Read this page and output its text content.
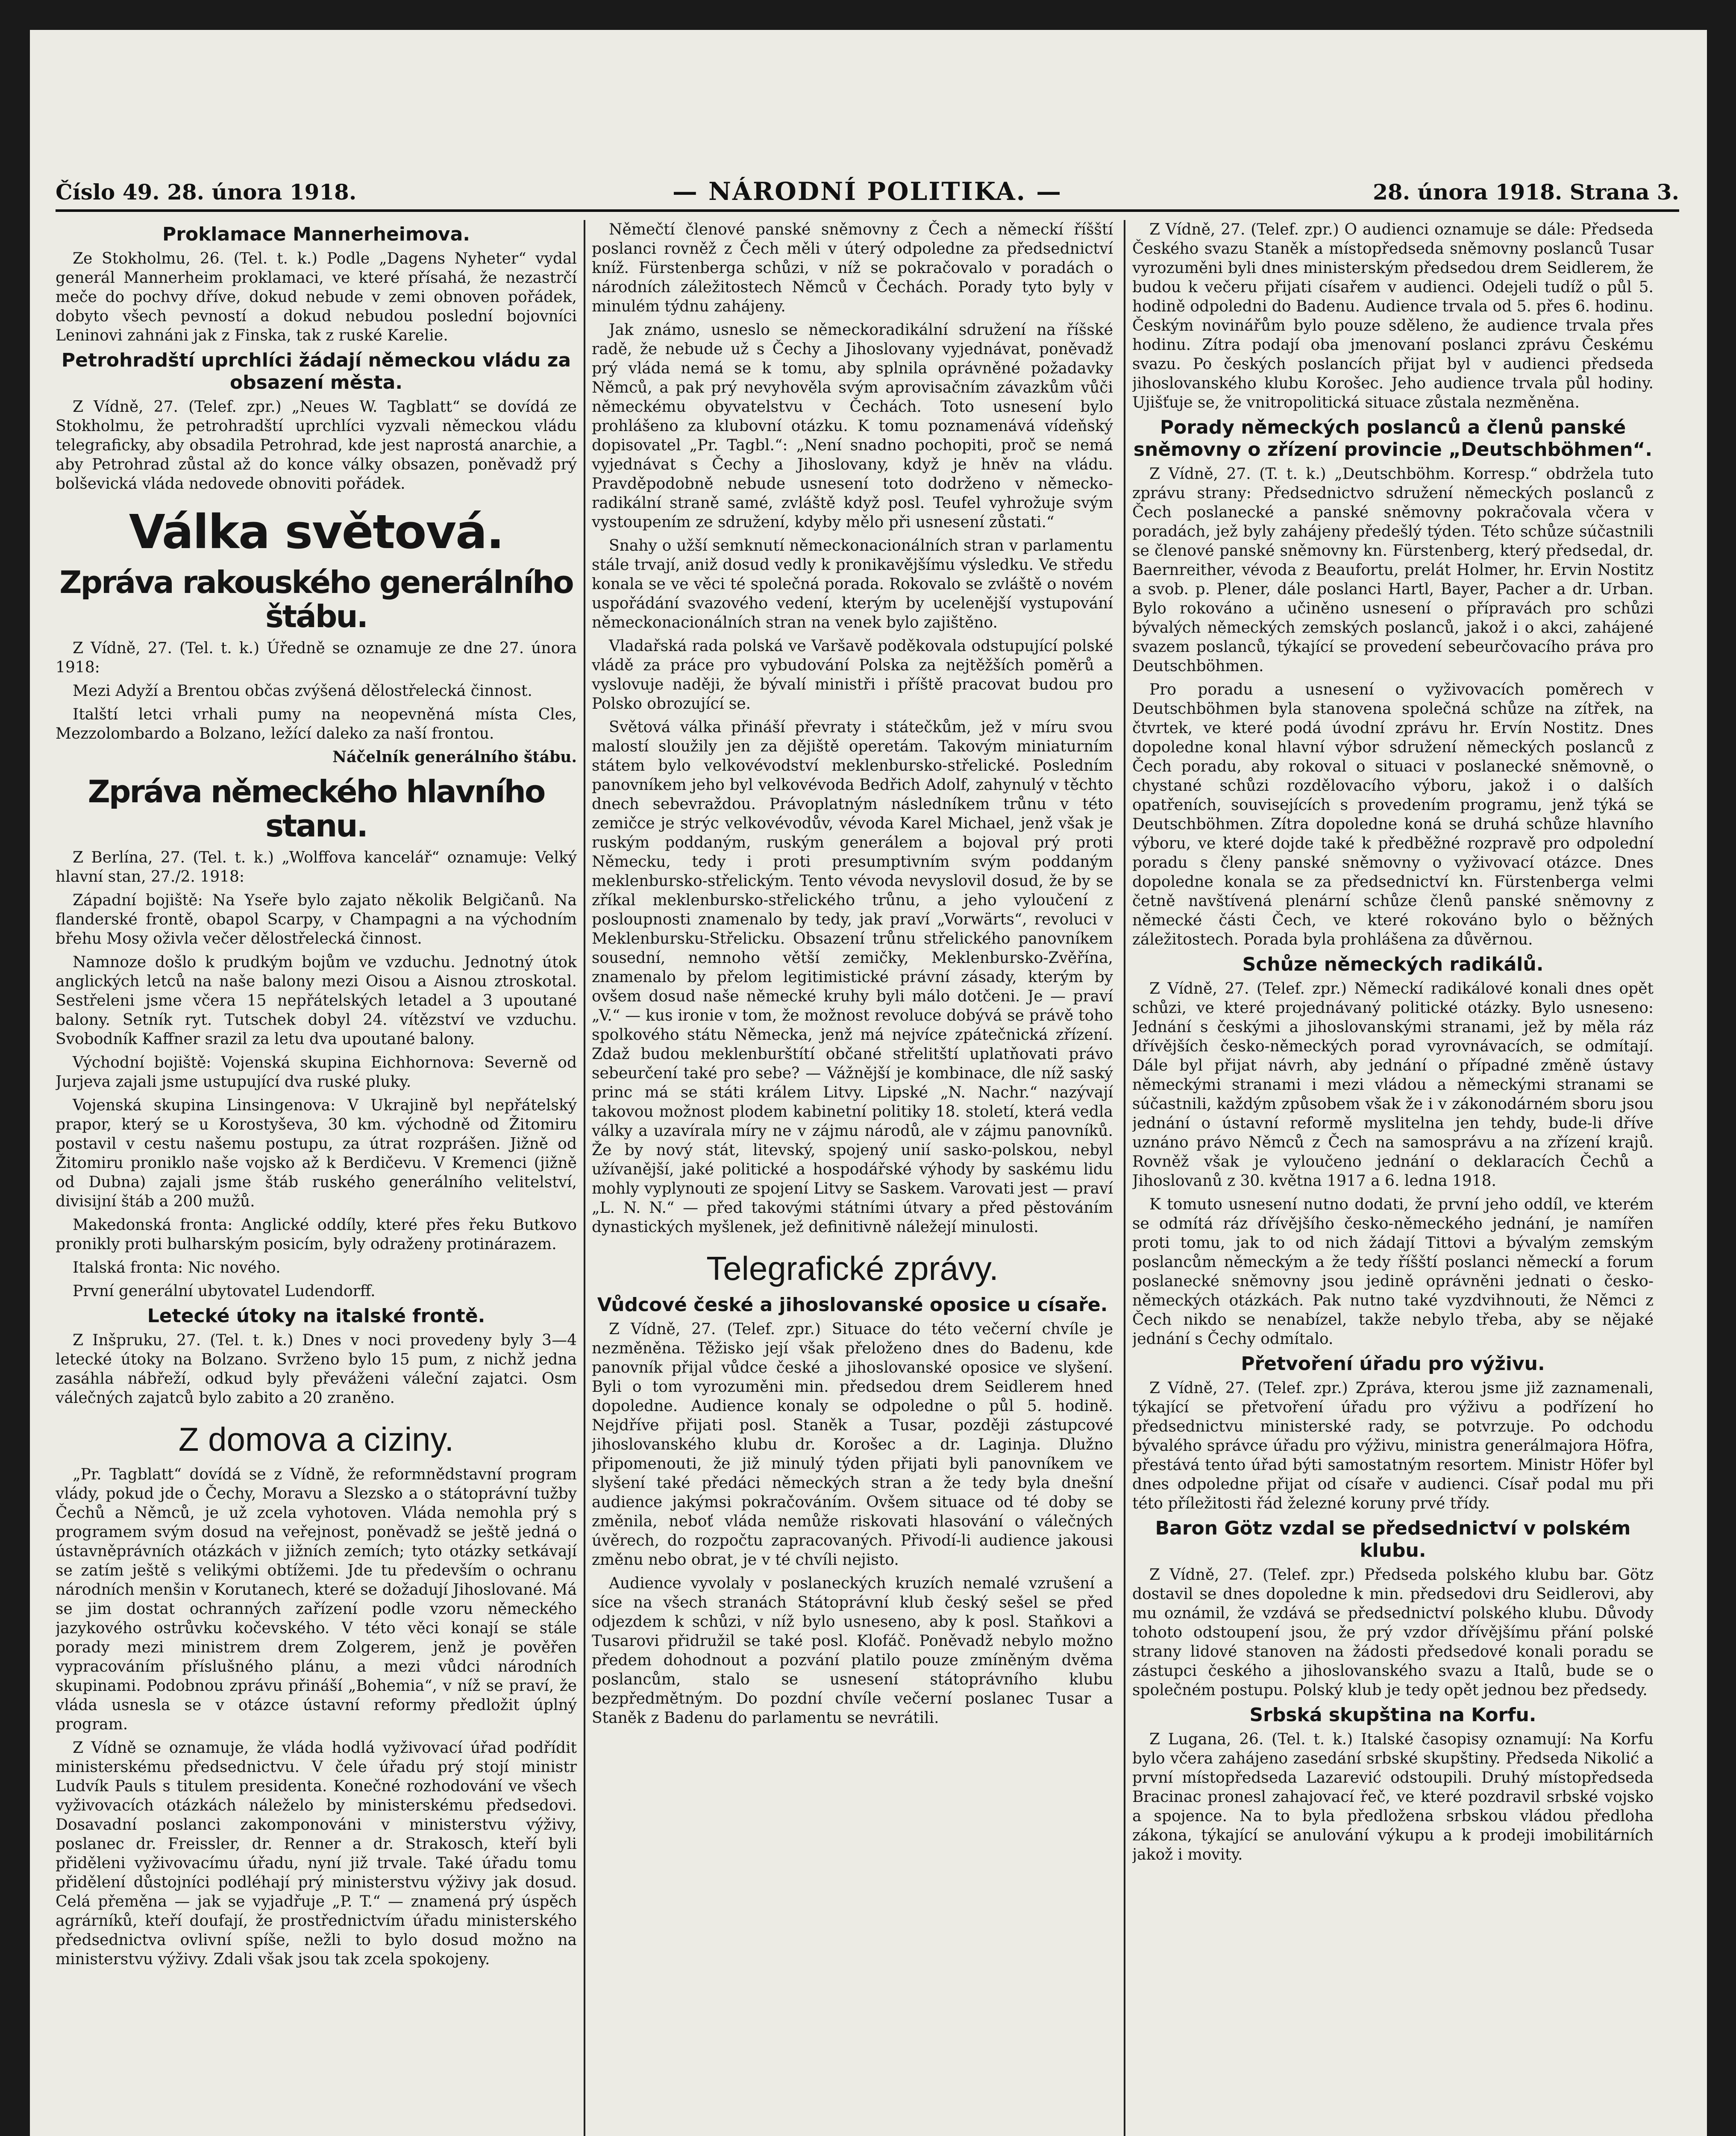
Číslo 49. 28. února 1918.	— NÁRODNÍ POLITIKA. —	28. února 1918. Strana 3.
Proklamace Mannerheimova.

Ze Stokholmu, 26. (Tel. t. k.) Podle „Dagens Nyheter“ vydal generál Mannerheim proklamaci, ve které přísahá, že nezastrčí meče do pochvy dříve, dokud nebude v zemi obnoven pořádek, dobyto všech pevností a dokud nebudou poslední bojovníci Leninovi zahnáni jak z Finska, tak z ruské Karelie.

Petrohradští uprchlíci žádají německou vládu za obsazení města.

Z Vídně, 27. (Telef. zpr.) „Neues W. Tagblatt“ se dovídá ze Stokholmu, že petrohradští uprchlíci vyzvali německou vládu telegraficky, aby obsadila Petrohrad, kde jest naprostá anarchie, a aby Petrohrad zůstal až do konce války obsazen, poněvadž prý bolševická vláda nedovede obnoviti pořádek.

Válka světová.
Zpráva rakouského generálního štábu.

Z Vídně, 27. (Tel. t. k.) Úředně se oznamuje ze dne 27. února 1918:

Mezi Adyží a Brentou občas zvýšená dělostřelecká činnost.

Italští letci vrhali pumy na neopevněná místa Cles, Mezzolombardo a Bolzano, ležící daleko za naší frontou.

Náčelník generálního štábu.

Zpráva německého hlavního stanu.

Z Berlína, 27. (Tel. t. k.) „Wolffova kancelář“ oznamuje: Velký hlavní stan, 27./2. 1918:

Západní bojiště: Na Yseře bylo zajato několik Belgičanů. Na flanderské frontě, obapol Scarpy, v Champagni a na východním břehu Mosy oživla večer dělostřelecká činnost.

Namnoze došlo k prudkým bojům ve vzduchu. Jednotný útok anglických letců na naše balony mezi Oisou a Aisnou ztroskotal. Sestřeleni jsme včera 15 nepřátelských letadel a 3 upoutané balony. Setník ryt. Tutschek dobyl 24. vítězství ve vzduchu. Svobodník Kaffner srazil za letu dva upoutané balony.

Východní bojiště: Vojenská skupina Eichhornova: Severně od Jurjeva zajali jsme ustupující dva ruské pluky.

Vojenská skupina Linsingenova: V Ukrajině byl nepřátelský prapor, který se u Korostyševa, 30 km. východně od Žitomiru postavil v cestu našemu postupu, za útrat rozprášen. Jižně od Žitomiru proniklo naše vojsko až k Berdičevu. V Kremenci (jižně od Dubna) zajali jsme štáb ruského generálního velitelství, divisijní štáb a 200 mužů.

Makedonská fronta: Anglické oddíly, které přes řeku Butkovo pronikly proti bulharským posicím, byly odraženy protinárazem.

Italská fronta: Nic nového.

První generální ubytovatel Ludendorff.

Letecké útoky na italské frontě.

Z Inšpruku, 27. (Tel. t. k.) Dnes v noci provedeny byly 3—4 letecké útoky na Bolzano. Svrženo bylo 15 pum, z nichž jedna zasáhla nábřeží, odkud byly převáženi váleční zajatci. Osm válečných zajatců bylo zabito a 20 zraněno.

Z domova a ciziny.

„Pr. Tagblatt“ dovídá se z Vídně, že reformnědstavní program vlády, pokud jde o Čechy, Moravu a Slezsko a o státoprávní tužby Čechů a Němců, je už zcela vyhotoven. Vláda nemohla prý s programem svým dosud na veřejnost, poněvadž se ještě jedná o ústavněprávních otázkách v jižních zemích; tyto otázky setkávají se zatím ještě s velikými obtížemi. Jde tu především o ochranu národních menšin v Korutanech, které se dožadují Jihoslované. Má se jim dostat ochranných zařízení podle vzoru německého jazykového ostrůvku kočevského. V této věci konají se stále porady mezi ministrem drem Zolgerem, jenž je pověřen vypracováním příslušného plánu, a mezi vůdci národních skupinami. Podobnou zprávu přináší „Bohemia“, v níž se praví, že vláda usnesla se v otázce ústavní reformy předložit úplný program.

Z Vídně se oznamuje, že vláda hodlá vyživovací úřad podřídit ministerskému předsednictvu. V čele úřadu prý stojí ministr Ludvík Pauls s titulem presidenta. Konečné rozhodování ve všech vyživovacích otázkách náleželo by ministerskému předsedovi. Dosavadní poslanci zakomponováni v ministerstvu výživy, poslanec dr. Freissler, dr. Renner a dr. Strakosch, kteří byli přiděleni vyživovacímu úřadu, nyní již trvale. Také úřadu tomu přidělení důstojníci podléhají prý ministerstvu výživy jak dosud. Celá přeměna — jak se vyjadřuje „P. T.“ — znamená prý úspěch agrárníků, kteří doufají, že prostřednictvím úřadu ministerského předsednictva ovlivní spíše, nežli to bylo dosud možno na ministerstvu výživy. Zdali však jsou tak zcela spokojeny.

Němečtí členové panské sněmovny z Čech a německí říšští poslanci rovněž z Čech měli v úterý odpoledne za předsednictví kníž. Fürstenberga schůzi, v níž se pokračovalo v poradách o národních záležitostech Němců v Čechách. Porady tyto byly v minulém týdnu zahájeny.

Jak známo, usneslo se německoradikální sdružení na říšské radě, že nebude už s Čechy a Jihoslovany vyjednávat, poněvadž prý vláda nemá se k tomu, aby splnila oprávněné požadavky Němců, a pak prý nevyhověla svým aprovisačním závazkům vůči německému obyvatelstvu v Čechách. Toto usnesení bylo prohlášeno za klubovní otázku. K tomu poznamenává vídeňský dopisovatel „Pr. Tagbl.“: „Není snadno pochopiti, proč se nemá vyjednávat s Čechy a Jihoslovany, když je hněv na vládu. Pravděpodobně nebude usnesení toto dodrženo v německo-radikální straně samé, zvláště když posl. Teufel vyhrožuje svým vystoupením ze sdružení, kdyby mělo při usnesení zůstati.“

Snahy o užší semknutí německonacionálních stran v parlamentu stále trvají, aniž dosud vedly k pronikavějšímu výsledku. Ve středu konala se ve věci té společná porada. Rokovalo se zvláště o novém uspořádání svazového vedení, kterým by ucelenější vystupování německonacionálních stran na venek bylo zajištěno.

Vladařská rada polská ve Varšavě poděkovala odstupující polské vládě za práce pro vybudování Polska za nejtěžších poměrů a vyslovuje naději, že bývalí ministři i příště pracovat budou pro Polsko obrozující se.

Světová válka přináší převraty i státečkům, jež v míru svou malostí sloužily jen za dějiště operetám. Takovým miniaturním státem bylo velkovévodství meklenbursko-střelické. Posledním panovníkem jeho byl velkovévoda Bedřich Adolf, zahynulý v těchto dnech sebevraždou. Právoplatným následníkem trůnu v této zemičce je strýc velkovévodův, vévoda Karel Michael, jenž však je ruským poddaným, ruským generálem a bojoval prý proti Německu, tedy i proti presumptivním svým poddaným meklenbursko-střelickým. Tento vévoda nevyslovil dosud, že by se zříkal meklenbursko-střelického trůnu, a jeho vyloučení z posloupnosti znamenalo by tedy, jak praví „Vorwärts“, revoluci v Meklenbursku-Střelicku. Obsazení trůnu střelického panovníkem sousední, nemnoho větší zemičky, Meklenbursko-Zvěřína, znamenalo by přelom legitimistické právní zásady, kterým by ovšem dosud naše německé kruhy byli málo dotčeni. Je — praví „V.“ — kus ironie v tom, že možnost revoluce dobývá se právě toho spolkového státu Německa, jenž má nejvíce zpátečnická zřízení. Zdaž budou meklenburštítí občané střelitští uplatňovati právo sebeurčení také pro sebe? — Vážnější je kombinace, dle níž saský princ má se státi králem Litvy. Lipské „N. Nachr.“ nazývají takovou možnost plodem kabinetní politiky 18. století, která vedla války a uzavírala míry ne v zájmu národů, ale v zájmu panovníků. Že by nový stát, litevský, spojený unií sasko-polskou, nebyl užívanější, jaké politické a hospodářské výhody by saskému lidu mohly vyplynouti ze spojení Litvy se Saskem. Varovati jest — praví „L. N. N.“ — před takovými státními útvary a před pěstováním dynastických myšlenek, jež definitivně náležejí minulosti.

Telegrafické zprávy.
Vůdcové české a jihoslovanské oposice u císaře.

Z Vídně, 27. (Telef. zpr.) Situace do této večerní chvíle je nezměněna. Těžisko její však přeloženo dnes do Badenu, kde panovník přijal vůdce české a jihoslovanské oposice ve slyšení. Byli o tom vyrozuměni min. předsedou drem Seidlerem hned dopoledne. Audience konaly se odpoledne o půl 5. hodině. Nejdříve přijati posl. Staněk a Tusar, později zástupcové jihoslovanského klubu dr. Korošec a dr. Laginja. Dlužno připomenouti, že již minulý týden přijati byli panovníkem ve slyšení také předáci německých stran a že tedy byla dnešní audience jakýmsi pokračováním. Ovšem situace od té doby se změnila, neboť vláda nemůže riskovati hlasování o válečných úvěrech, do rozpočtu zapracovaných. Přivodí-li audience jakousi změnu nebo obrat, je v té chvíli nejisto.

Audience vyvolaly v poslaneckých kruzích nemalé vzrušení a síce na všech stranách Státoprávní klub český sešel se před odjezdem k schůzi, v níž bylo usneseno, aby k posl. Staňkovi a Tusarovi přidružil se také posl. Klofáč. Poněvadž nebylo možno předem dohodnout a pozvání platilo pouze zmíněným dvěma poslancům, stalo se usnesení státoprávního klubu bezpředmětným. Do pozdní chvíle večerní poslanec Tusar a Staněk z Badenu do parlamentu se nevrátili.

Z Vídně, 27. (Telef. zpr.) O audienci oznamuje se dále: Předseda Českého svazu Staněk a místopředseda sněmovny poslanců Tusar vyrozuměni byli dnes ministerským předsedou drem Seidlerem, že budou k večeru přijati císařem v audienci. Odejeli tudíž o půl 5. hodině odpoledni do Badenu. Audience trvala od 5. přes 6. hodinu. Českým novinářům bylo pouze sděleno, že audience trvala přes hodinu. Zítra podají oba jmenovaní poslanci zprávu Českému svazu. Po českých poslancích přijat byl v audienci předseda jihoslovanského klubu Korošec. Jeho audience trvala půl hodiny. Ujišťuje se, že vnitropolitická situace zůstala nezměněna.

Porady německých poslanců a členů panské sněmovny o zřízení provincie „Deutschböhmen“.

Z Vídně, 27. (T. t. k.) „Deutschböhm. Korresp.“ obdržela tuto zprávu strany: Předsednictvo sdružení německých poslanců z Čech poslanecké a panské sněmovny pokračovala včera v poradách, jež byly zahájeny předešlý týden. Této schůze súčastnili se členové panské sněmovny kn. Fürstenberg, který předsedal, dr. Baernreither, vévoda z Beaufortu, prelát Holmer, hr. Ervin Nostitz a svob. p. Plener, dále poslanci Hartl, Bayer, Pacher a dr. Urban. Bylo rokováno a učiněno usnesení o přípravách pro schůzi bývalých německých zemských poslanců, jakož i o akci, zahájené svazem poslanců, týkající se provedení sebeurčovacího práva pro Deutschböhmen.

Pro poradu a usnesení o vyživovacích poměrech v Deutschböhmen byla stanovena společná schůze na zítřek, na čtvrtek, ve které podá úvodní zprávu hr. Ervín Nostitz. Dnes dopoledne konal hlavní výbor sdružení německých poslanců z Čech poradu, aby rokoval o situaci v poslanecké sněmovně, o chystané schůzi rozdělovacího výboru, jakož i o dalších opatřeních, souvisejících s provedením programu, jenž týká se Deutschböhmen. Zítra dopoledne koná se druhá schůze hlavního výboru, ve které dojde také k předběžné rozpravě pro odpolední poradu s členy panské sněmovny o vyživovací otázce. Dnes dopoledne konala se za předsednictví kn. Fürstenberga velmi četně navštívená plenární schůze členů panské sněmovny z německé části Čech, ve které rokováno bylo o běžných záležitostech. Porada byla prohlášena za důvěrnou.

Schůze německých radikálů.

Z Vídně, 27. (Telef. zpr.) Německí radikálové konali dnes opět schůzi, ve které projednávaný politické otázky. Bylo usneseno: Jednání s českými a jihoslovanskými stranami, jež by měla ráz dřívějších česko-německých porad vyrovnávacích, se odmítají. Dále byl přijat návrh, aby jednání o případné změně ústavy německými stranami i mezi vládou a německými stranami se súčastnili, každým způsobem však že i v zákonodárném sboru jsou jednání o ústavní reformě myslitelna jen tehdy, bude-li dříve uznáno právo Němců z Čech na samosprávu a na zřízení krajů. Rovněž však je vyloučeno jednání o deklaracích Čechů a Jihoslovanů z 30. května 1917 a 6. ledna 1918.

K tomuto usnesení nutno dodati, že první jeho oddíl, ve kterém se odmítá ráz dřívějšího česko-německého jednání, je namířen proti tomu, jak to od nich žádají Tittovi a bývalým zemským poslancům německým a že tedy říšští poslanci německí a forum poslanecké sněmovny jsou jedině oprávněni jednati o česko-německých otázkách. Pak nutno také vyzdvihnouti, že Němci z Čech nikdo se nenabízel, takže nebylo třeba, aby se nějaké jednání s Čechy odmítalo.

Přetvoření úřadu pro výživu.

Z Vídně, 27. (Telef. zpr.) Zpráva, kterou jsme již zaznamenali, týkající se přetvoření úřadu pro výživu a podřízení ho předsednictvu ministerské rady, se potvrzuje. Po odchodu bývalého správce úřadu pro výživu, ministra generálmajora Höfra, přestává tento úřad býti samostatným resortem. Ministr Höfer byl dnes odpoledne přijat od císaře v audienci. Císař podal mu při této příležitosti řád železné koruny prvé třídy.

Baron Götz vzdal se předsednictví v polském klubu.

Z Vídně, 27. (Telef. zpr.) Předseda polského klubu bar. Götz dostavil se dnes dopoledne k min. předsedovi dru Seidlerovi, aby mu oznámil, že vzdává se předsednictví polského klubu. Důvody tohoto odstoupení jsou, že prý vzdor dřívějšímu přání polské strany lidové stanoven na žádosti předsedové konali poradu se zástupci českého a jihoslovanského svazu a Italů, bude se o společném postupu. Polský klub je tedy opět jednou bez předsedy.

Srbská skupština na Korfu.

Z Lugana, 26. (Tel. t. k.) Italské časopisy oznamují: Na Korfu bylo včera zahájeno zasedání srbské skupštiny. Předseda Nikolić a první místopředseda Lazarević odstoupili. Druhý místopředseda Bracinac pronesl zahajovací řeč, ve které pozdravil srbské vojsko a spojence. Na to byla předložena srbskou vládou předloha zákona, týkající se anulování výkupu a k prodeji imobilitárních jakož i movity.
